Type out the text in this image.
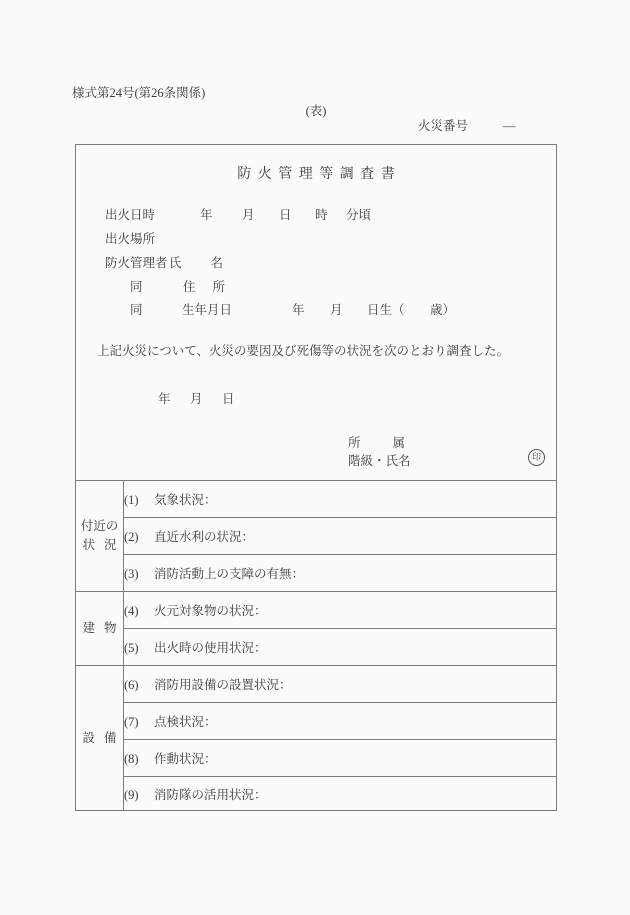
様式第24号(第26条関係)
(表)
火災番号	—
防火管理等調査書
出火日時	年 月 日 時 分頃
出火場所
防火管理者 氏名
同	住所
同	生年月日	年 月 日生（ 歳）
上記火災について、火災の要因及び死傷等の状況を次のとおり調査した。
年 月 日
所属
階級・氏名	印
付近の
状況	(1) 気象状況：
	(2) 直近水利の状況：
	(3) 消防活動上の支障の有無：
建物	(4) 火元対象物の状況：
	(5) 出火時の使用状況：
設備	(6) 消防用設備の設置状況：
	(7) 点検状況：
	(8) 作動状況：
	(9) 消防隊の活用状況：
